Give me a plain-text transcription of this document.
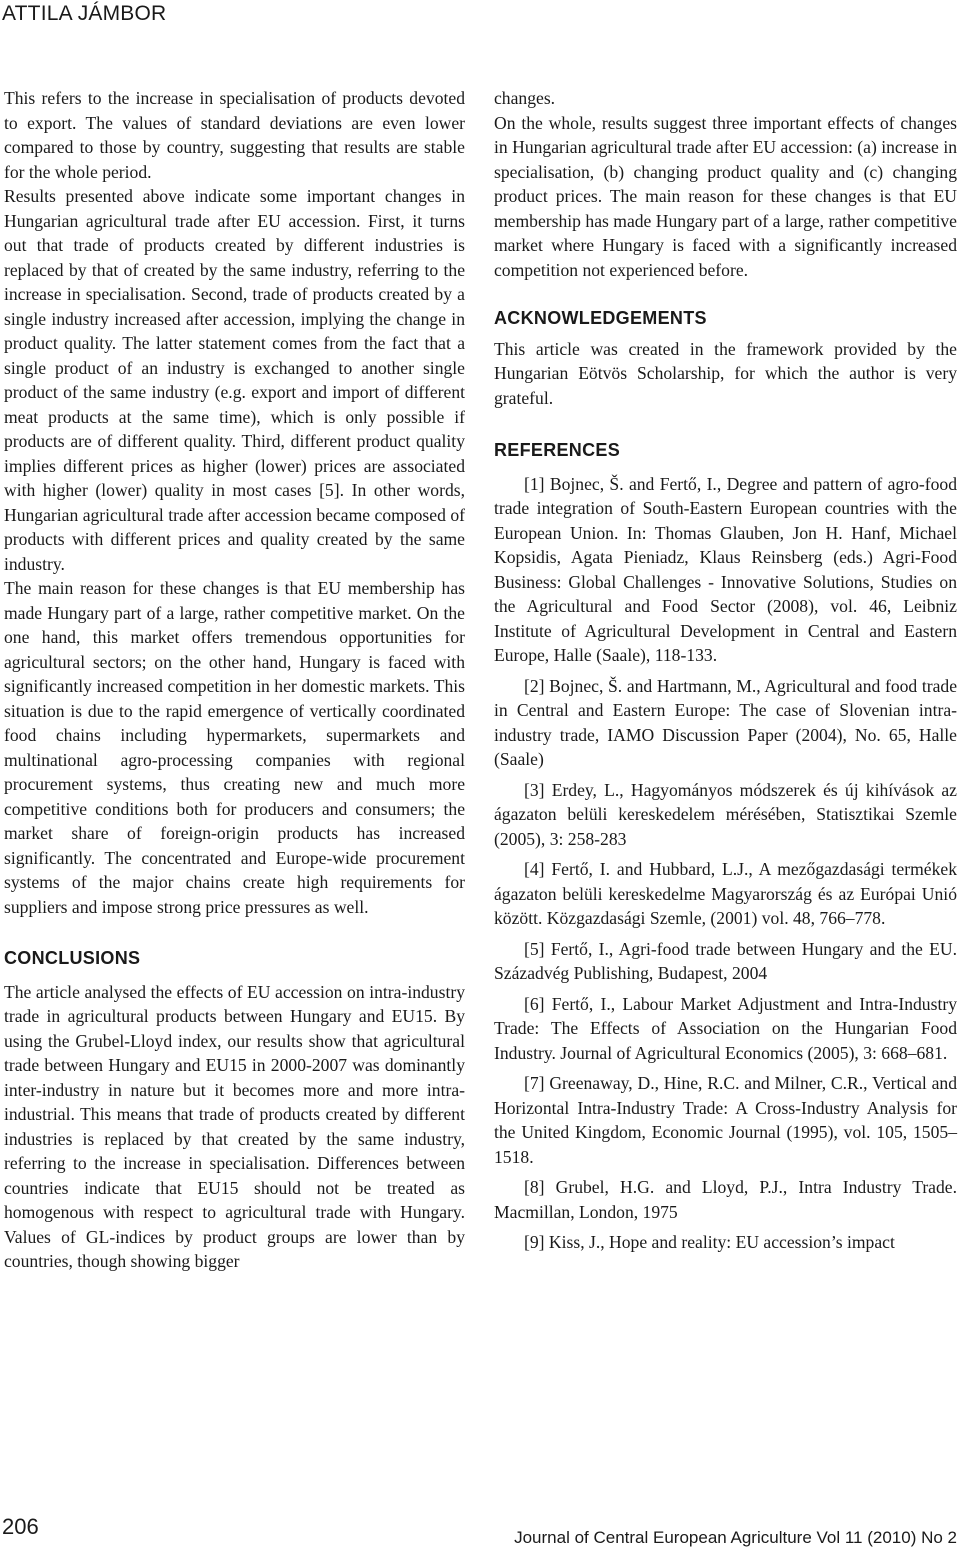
ATTILA JÁMBOR

This refers to the increase in specialisation of products devoted to export. The values of standard deviations are even lower compared to those by country, suggesting that results are stable for the whole period.

Results presented above indicate some important changes in Hungarian agricultural trade after EU accession. First, it turns out that trade of products created by different industries is replaced by that of created by the same industry, referring to the increase in specialisation. Second, trade of products created by a single industry increased after accession, implying the change in product quality. The latter statement comes from the fact that a single product of an industry is exchanged to another single product of the same industry (e.g. export and import of different meat products at the same time), which is only possible if products are of different quality. Third, different product quality implies different prices as higher (lower) prices are associated with higher (lower) quality in most cases [5]. In other words, Hungarian agricultural trade after accession became composed of products with different prices and quality created by the same industry.

The main reason for these changes is that EU membership has made Hungary part of a large, rather competitive market. On the one hand, this market offers tremendous opportunities for agricultural sectors; on the other hand, Hungary is faced with significantly increased competition in her domestic markets. This situation is due to the rapid emergence of vertically coordinated food chains including hypermarkets, supermarkets and multinational agro-processing companies with regional procurement systems, thus creating new and much more competitive conditions both for producers and consumers; the market share of foreign-origin products has increased significantly. The concentrated and Europe-wide procurement systems of the major chains create high requirements for suppliers and impose strong price pressures as well.

CONCLUSIONS

The article analysed the effects of EU accession on intra-industry trade in agricultural products between Hungary and EU15. By using the Grubel-Lloyd index, our results show that agricultural trade between Hungary and EU15 in 2000-2007 was dominantly inter-industry in nature but it becomes more and more intra-industrial. This means that trade of products created by different industries is replaced by that created by the same industry, referring to the increase in specialisation. Differences between countries indicate that EU15 should not be treated as homogenous with respect to agricultural trade with Hungary. Values of GL-indices by product groups are lower than by countries, though showing bigger

changes.

On the whole, results suggest three important effects of changes in Hungarian agricultural trade after EU accession: (a) increase in specialisation, (b) changing product quality and (c) changing product prices. The main reason for these changes is that EU membership has made Hungary part of a large, rather competitive market where Hungary is faced with a significantly increased competition not experienced before.

ACKNOWLEDGEMENTS

This article was created in the framework provided by the Hungarian Eötvös Scholarship, for which the author is very grateful.

REFERENCES

[1] Bojnec, Š. and Fertő, I., Degree and pattern of agro-food trade integration of South-Eastern European countries with the European Union. In: Thomas Glauben, Jon H. Hanf, Michael Kopsidis, Agata Pieniadz, Klaus Reinsberg (eds.) Agri-Food Business: Global Challenges - Innovative Solutions, Studies on the Agricultural and Food Sector (2008), vol. 46, Leibniz Institute of Agricultural Development in Central and Eastern Europe, Halle (Saale), 118-133.

[2] Bojnec, Š. and Hartmann, M., Agricultural and food trade in Central and Eastern Europe: The case of Slovenian intra-industry trade, IAMO Discussion Paper (2004), No. 65, Halle (Saale)

[3] Erdey, L., Hagyományos módszerek és új kihívások az ágazaton belüli kereskedelem mérésében, Statisztikai Szemle (2005), 3: 258-283

[4] Fertő, I. and Hubbard, L.J., A mezőgazdasági termékek ágazaton belüli kereskedelme Magyarország és az Európai Unió között. Közgazdasági Szemle, (2001) vol. 48, 766–778.

[5] Fertő, I., Agri-food trade between Hungary and the EU. Századvég Publishing, Budapest, 2004

[6] Fertő, I., Labour Market Adjustment and Intra-Industry Trade: The Effects of Association on the Hungarian Food Industry. Journal of Agricultural Economics (2005), 3: 668–681.

[7] Greenaway, D., Hine, R.C. and Milner, C.R., Vertical and Horizontal Intra-Industry Trade: A Cross-Industry Analysis for the United Kingdom, Economic Journal (1995), vol. 105, 1505– 1518.

[8] Grubel, H.G. and Lloyd, P.J., Intra Industry Trade. Macmillan, London, 1975

[9] Kiss, J., Hope and reality: EU accession’s impact

206	Journal of Central European Agriculture Vol 11 (2010) No 2
